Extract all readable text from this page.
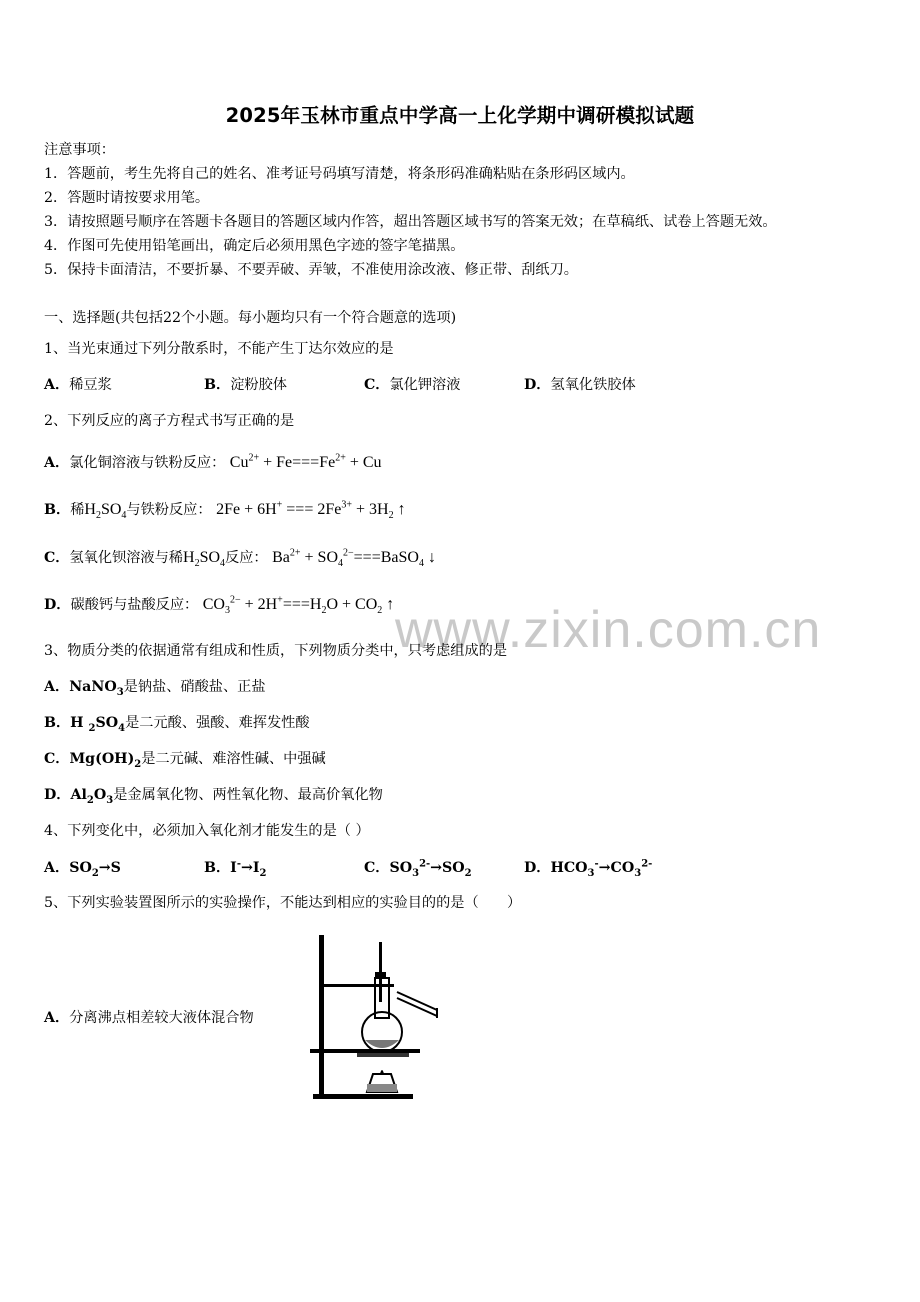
2025年玉林市重点中学高一上化学期中调研模拟试题
注意事项：
1．答题前，考生先将自己的姓名、准考证号码填写清楚，将条形码准确粘贴在条形码区域内。
2．答题时请按要求用笔。
3．请按照题号顺序在答题卡各题目的答题区域内作答，超出答题区域书写的答案无效；在草稿纸、试卷上答题无效。
4．作图可先使用铅笔画出，确定后必须用黑色字迹的签字笔描黑。
5．保持卡面清洁，不要折暴、不要弄破、弄皱，不准使用涂改液、修正带、刮纸刀。
一、选择题(共包括22个小题。每小题均只有一个符合题意的选项)
1、当光束通过下列分散系时，不能产生丁达尔效应的是
A．稀豆浆	B．淀粉胶体	C．氯化钾溶液	D．氢氧化铁胶体
2、下列反应的离子方程式书写正确的是
A．氯化铜溶液与铁粉反应： $Cu^{2+} + Fe===Fe^{2+} + Cu$
B．稀$H_2SO_4$与铁粉反应： 2Fe + 6H+ === $2Fe^{3+} + 3H_2$ ↑
C．氢氧化钡溶液与稀$H_2SO_4$反应： $Ba^{2+}$ + $SO_4^{2-}===BaSO_4$ ↓
D．碳酸钙与盐酸反应： $CO_3^{2-} + 2H^+===H_2O + CO_2$ ↑ www.zixin.com.cn
3、物质分类的依据通常有组成和性质，下列物质分类中，只考虑组成的是
A．NaNO$_3$是钠盐、硝酸盐、正盐
B．H $_2SO_4$是二元酸、强酸、难挥发性酸
C．$Mg(OH)_2$是二元碱、难溶性碱、中强碱
D．$Al_2O_3$是金属氧化物、两性氧化物、最高价氧化物
4、下列变化中，必须加入氧化剂才能发生的是（ ）
A．$SO_2\to S$	B．$I^-\to I_2$	C．$SO_3^{2-}\to SO_2$	D．$HCO_3^-\to CO_3^{2-}$
5、下列实验装置图所示的实验操作，不能达到相应的实验目的的是（　　）
A．分离沸点相差较大液体混合物
